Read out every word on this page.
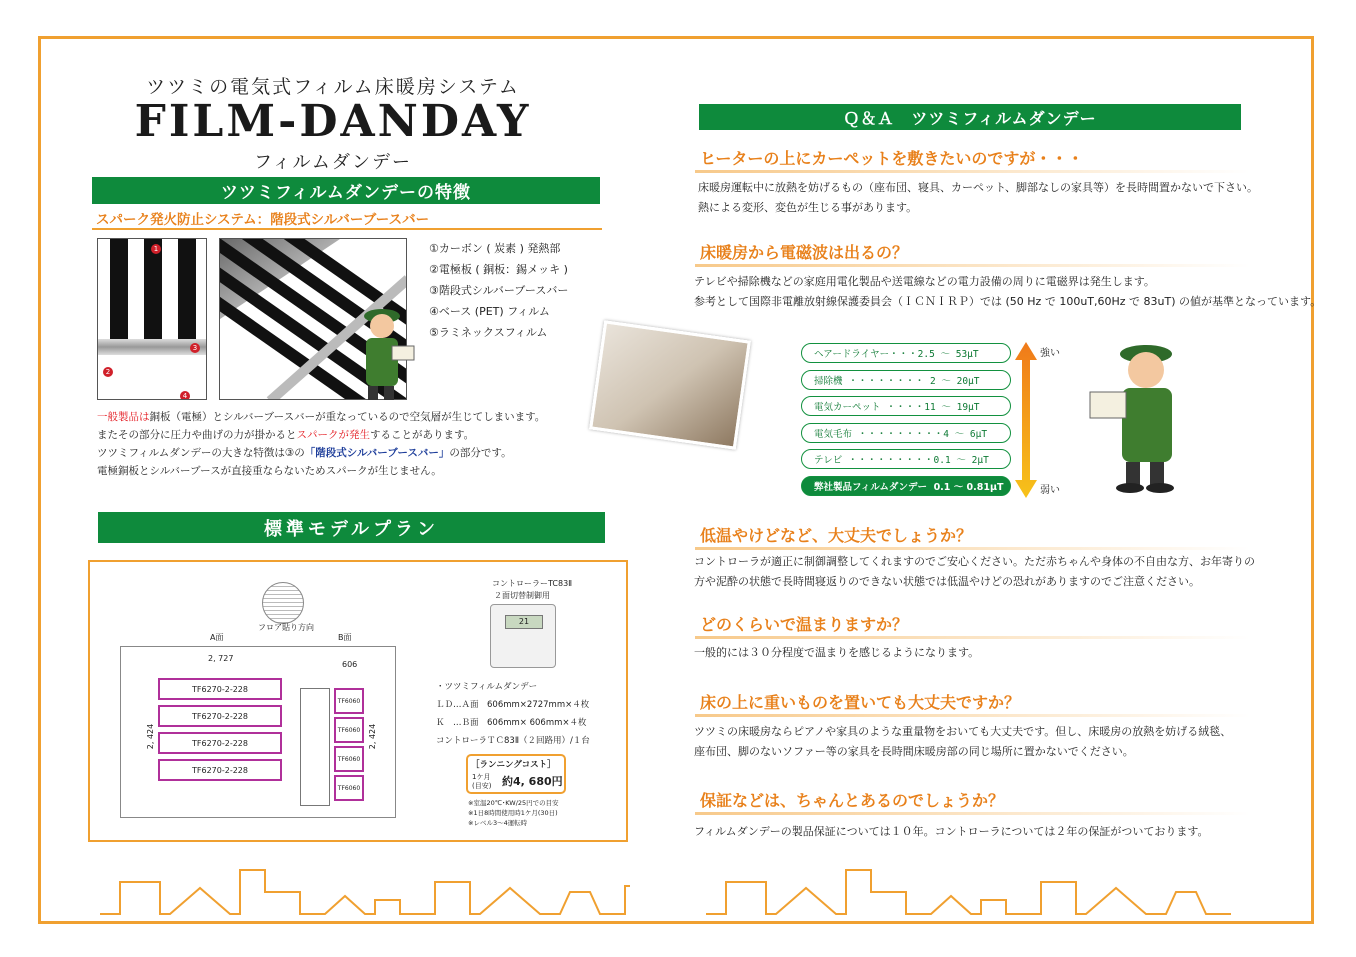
ツツミの電気式フィルム床暖房システム
FILM-DANDAY
フィルムダンデー
ツツミフィルムダンデーの特徴
スパーク発火防止システム：階段式シルバーブースバー
1
2
3
4
①カーボン ( 炭素 ) 発熱部
②電極板 ( 銅板：錫メッキ )
③階段式シルバーブースバー
④ベース (PET) フィルム
⑤ラミネックスフィルム
一般製品は銅板（電極）とシルバーブースバーが重なっているので空気層が生じてしまいます。
またその部分に圧力や曲げの力が掛かるとスパークが発生することがあります。
ツツミフィルムダンデーの大きな特徴は③の「階段式シルバーブースバー」の部分です。
電極銅板とシルバーブースが直接重ならないためスパークが生じません。
標準モデルプラン
フロア貼り方向
A面	B面
2, 727
606
2, 424	2, 424
TF6270-2-228
TF6270-2-228
TF6270-2-228
TF6270-2-228
TF6060
TF6060
TF6060
TF6060
コントローラーTC83Ⅱ
２面切替制御用
21
・ツツミフィルムダンデー
ＬＤ…Ａ面　606mm×2727mm×４枚
Ｋ　…Ｂ面　606mm× 606mm×４枚
コントローラＴＣ83Ⅱ（２回路用）/１台
［ランニングコスト］
1ケ月
(目安) 約4, 680円
※室温20℃･KW/25円での目安
※1日8時間使用時1ケ月(30日)
※レベル3～4運転時
Ｑ＆Ａ　ツツミフィルムダンデー
ヒーターの上にカーペットを敷きたいのですが・・・
床暖房運転中に放熱を妨げるもの（座布団、寝具、カーペット、脚部なしの家具等）を長時間置かないで下さい。
熱による変形、変色が生じる事があります。
床暖房から電磁波は出るの？
テレビや掃除機などの家庭用電化製品や送電線などの電力設備の周りに電磁界は発生します。
参考として国際非電離放射線保護委員会（ＩＣＮＩＲＰ）では (50 Hz で 100uT,60Hz で 83uT) の値が基準となっています。
ヘアードライヤー・・・2.5 ～ 53μT
掃除機 ・・・・・・・・ 2 ～ 20μT
電気カーペット ・・・・11 ～ 19μT
電気毛布 ・・・・・・・・・4 ～ 6μT
テレビ ・・・・・・・・・0.1 ～ 2μT
弊社製品フィルムダンデー  0.1 ～ 0.81μT
強い
弱い
低温やけどなど、大丈夫でしょうか？
コントローラが適正に制御調整してくれますのでご安心ください。ただ赤ちゃんや身体の不自由な方、お年寄りの
方や泥酔の状態で長時間寝返りのできない状態では低温やけどの恐れがありますのでご注意ください。
どのくらいで温まりますか？
一般的には３０分程度で温まりを感じるようになります。
床の上に重いものを置いても大丈夫ですか？
ツツミの床暖房ならピアノや家具のような重量物をおいても大丈夫です。但し、床暖房の放熱を妨げる絨毯、
座布団、脚のないソファー等の家具を長時間床暖房部の同じ場所に置かないでください。
保証などは、ちゃんとあるのでしょうか？
フィルムダンデーの製品保証については１０年。コントローラについては２年の保証がついております。
